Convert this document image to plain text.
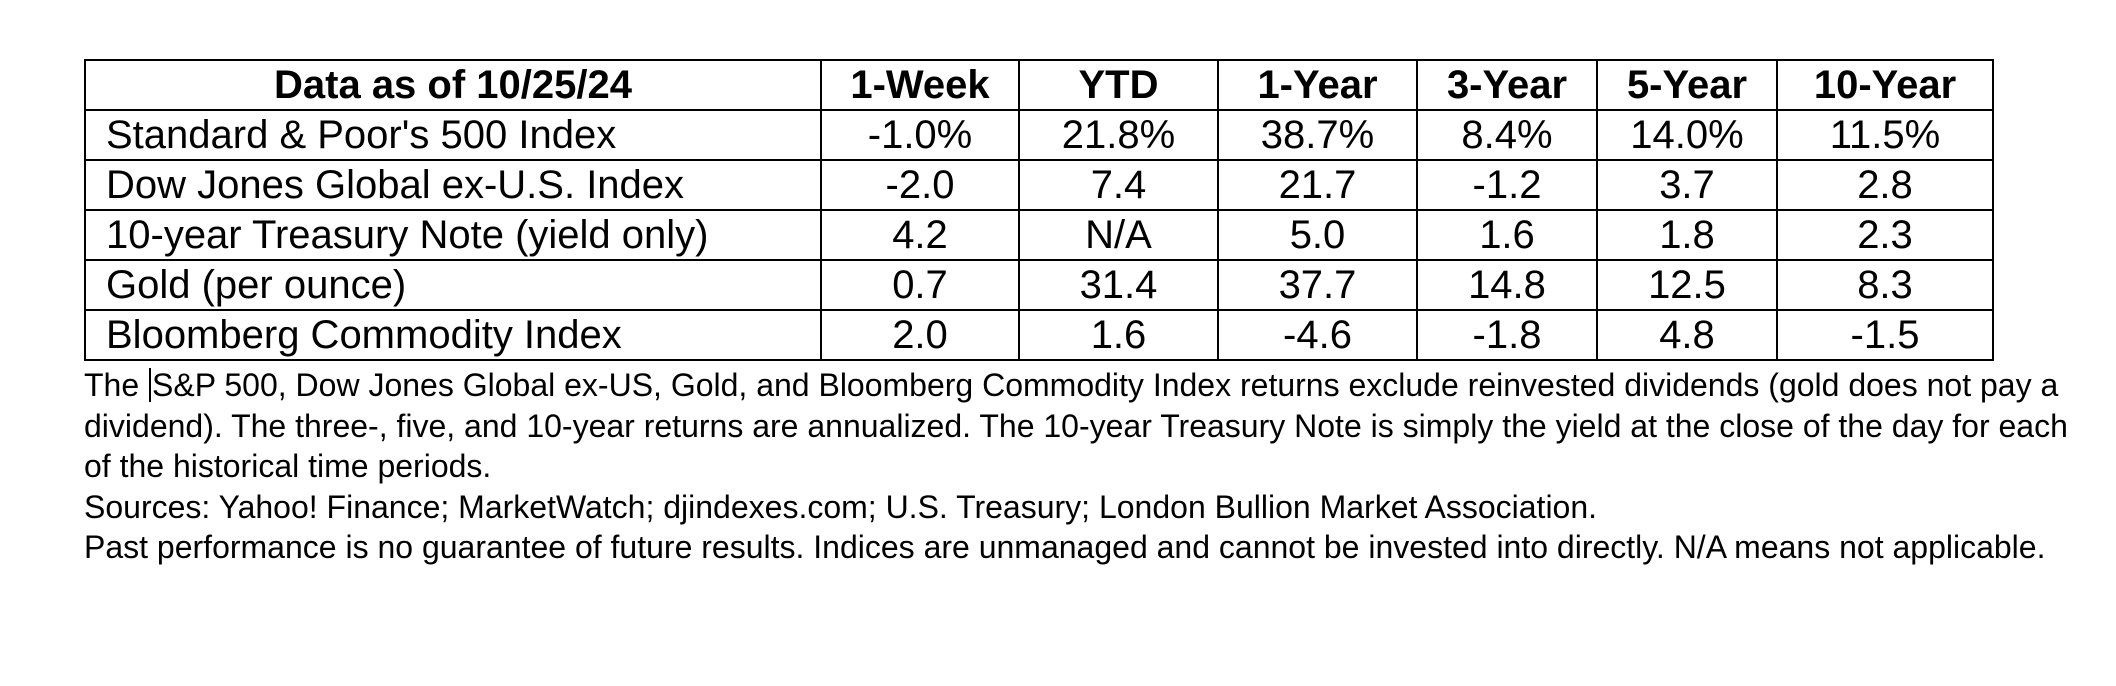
Data as of 10/25/24	1-Week	YTD	1-Year	3-Year	5-Year	10-Year
Standard & Poor's 500 Index	-1.0%	21.8%	38.7%	8.4%	14.0%	11.5%
Dow Jones Global ex-U.S. Index	-2.0	7.4	21.7	-1.2	3.7	2.8
10-year Treasury Note (yield only)	4.2	N/A	5.0	1.6	1.8	2.3
Gold (per ounce)	0.7	31.4	37.7	14.8	12.5	8.3
Bloomberg Commodity Index	2.0	1.6	-4.6	-1.8	4.8	-1.5

The S&P 500, Dow Jones Global ex-US, Gold, and Bloomberg Commodity Index returns exclude reinvested dividends (gold does not pay a dividend). The three-, five, and 10-year returns are annualized. The 10-year Treasury Note is simply the yield at the close of the day for each of the historical time periods.

Sources: Yahoo! Finance; MarketWatch; djindexes.com; U.S. Treasury; London Bullion Market Association.

Past performance is no guarantee of future results. Indices are unmanaged and cannot be invested into directly. N/A means not applicable.
